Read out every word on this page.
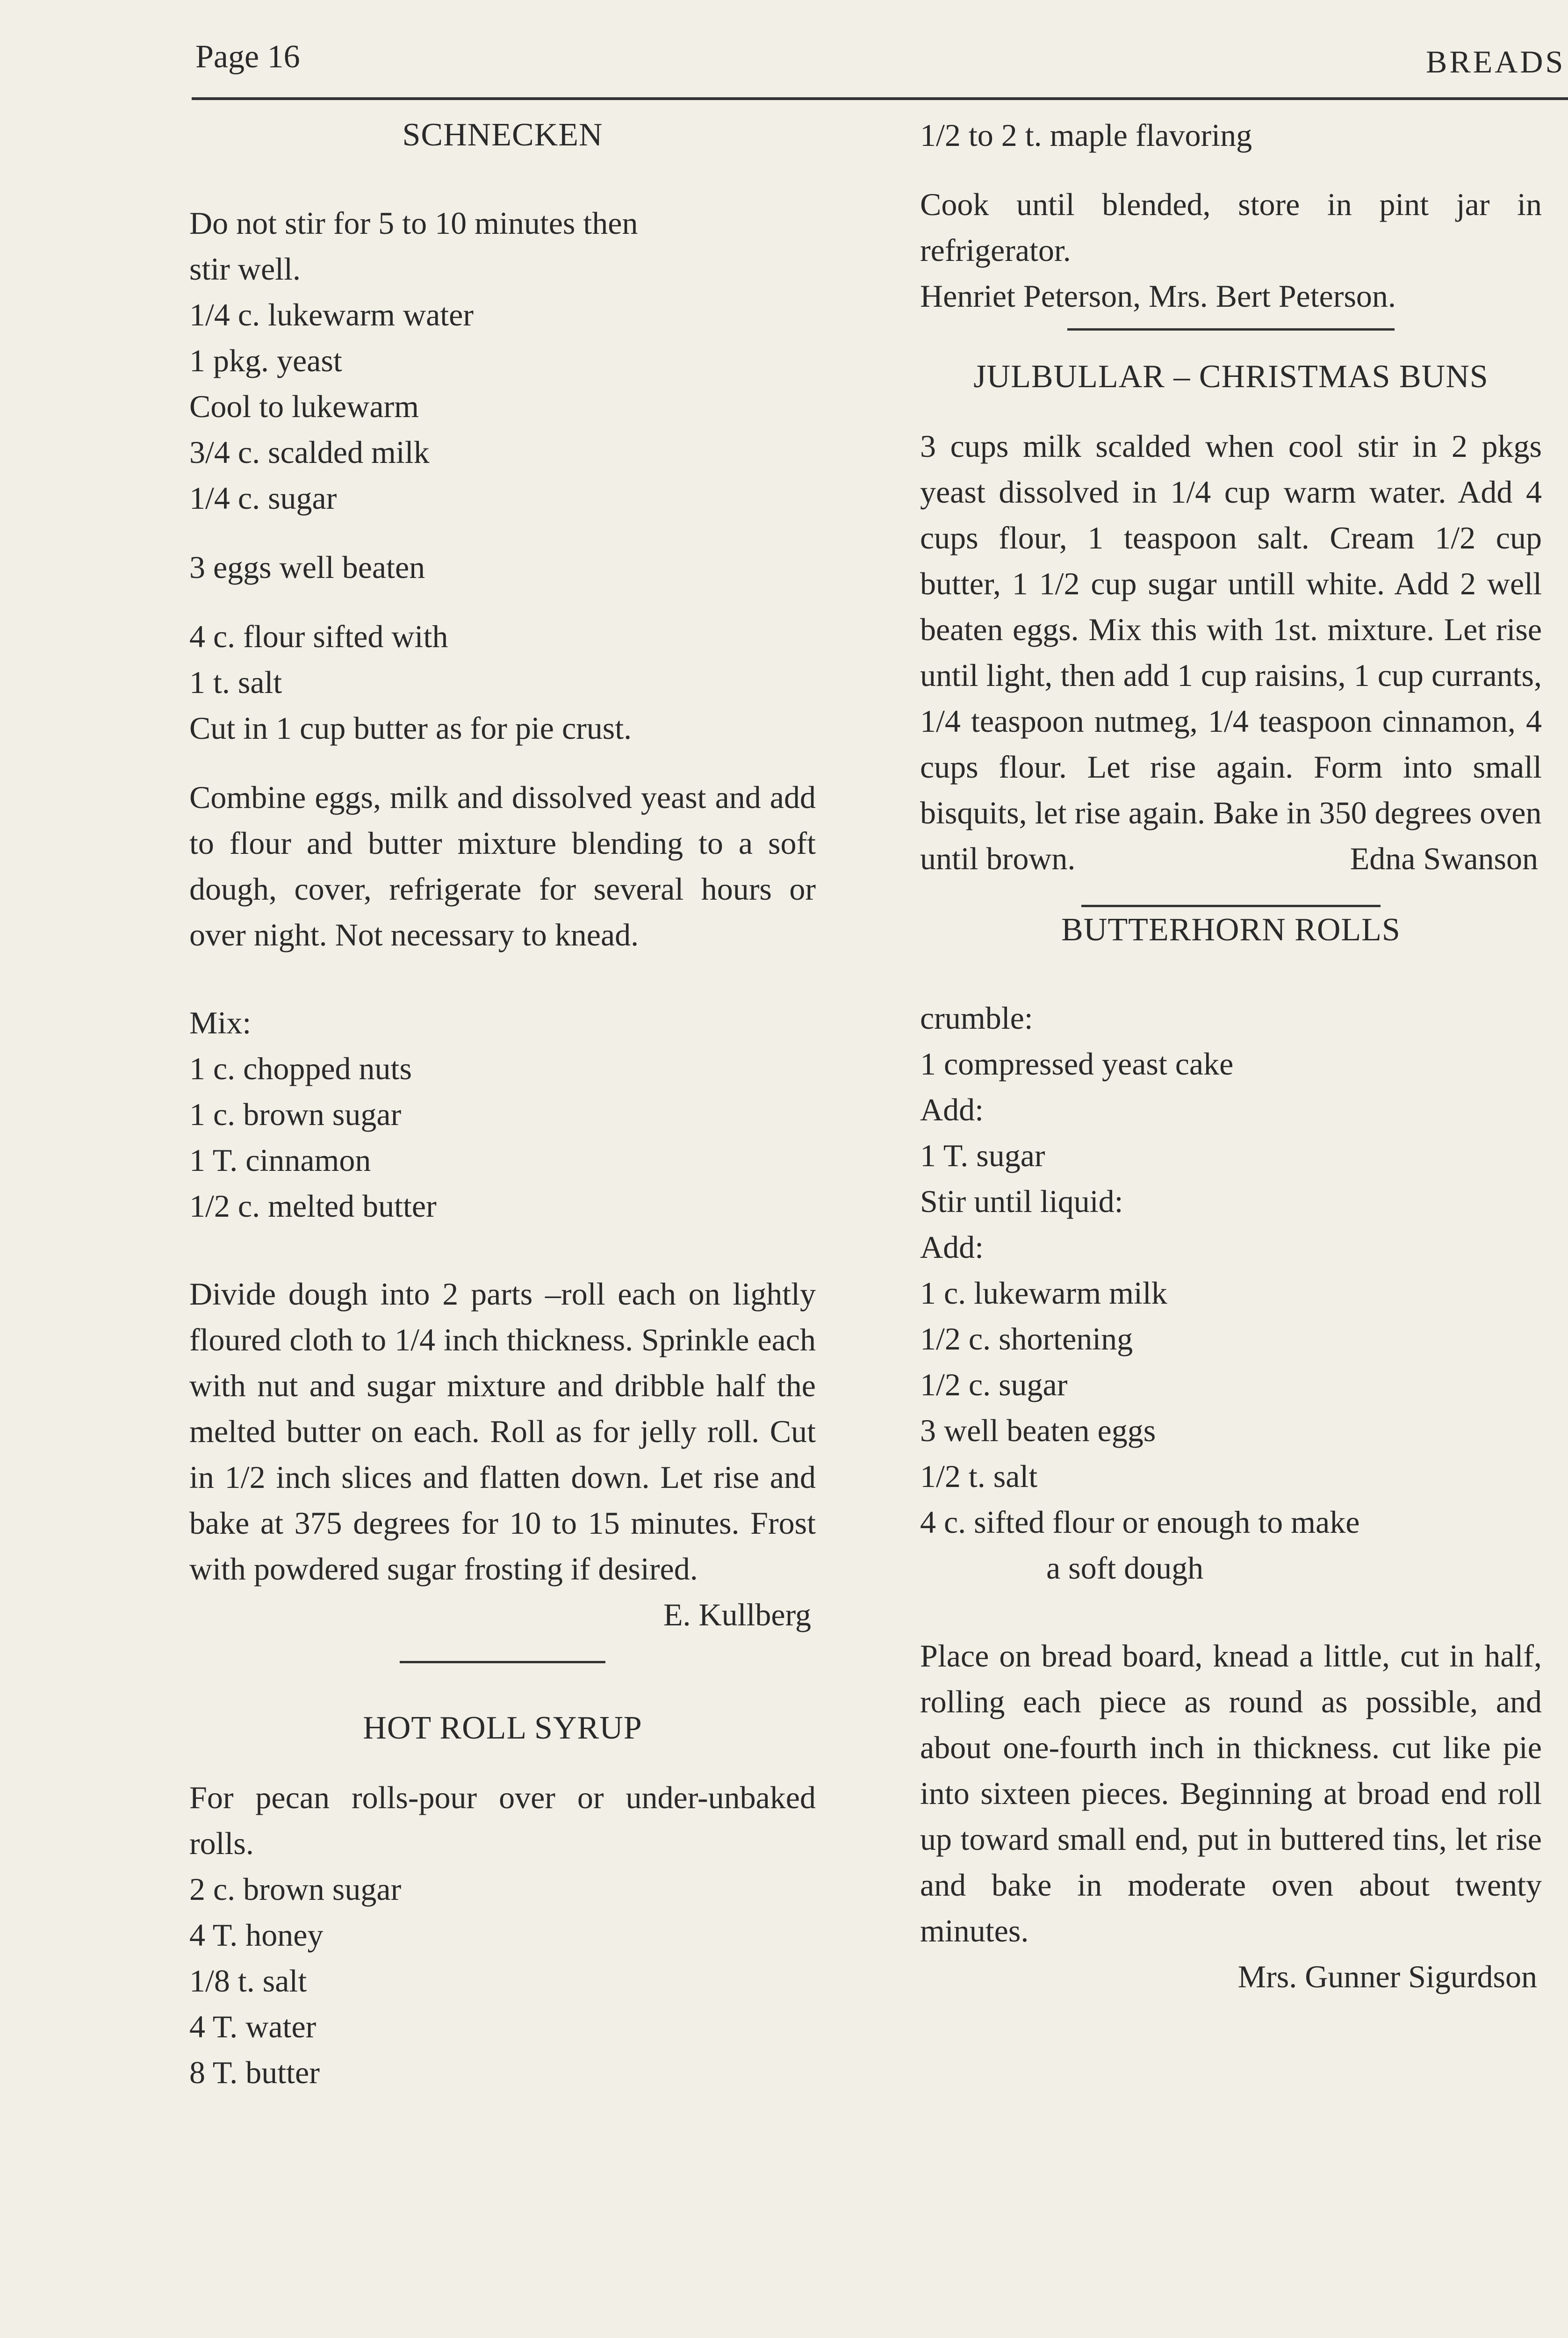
Page 16	BREADS
SCHNECKEN
Do not stir for 5 to 10 minutes then
stir well.
1/4 c. lukewarm water
1 pkg. yeast
Cool to lukewarm
3/4 c. scalded milk
1/4 c. sugar
3 eggs well beaten
4 c. flour sifted with
1 t. salt
Cut in 1 cup butter as for pie crust.
Combine eggs, milk and dissolved yeast and add to flour and butter mixture blending to a soft dough, cover, refrigerate for several hours or over night. Not necessary to knead.
Mix:
1 c. chopped nuts
1 c. brown sugar
1 T. cinnamon
1/2 c. melted butter
Divide dough into 2 parts –roll each on lightly floured cloth to 1/4 inch thickness. Sprinkle each with nut and sugar mixture and dribble half the melted butter on each. Roll as for jelly roll. Cut in 1/2 inch slices and flatten down. Let rise and bake at 375 degrees for 10 to 15 minutes. Frost with powdered sugar frosting if desired.
E. Kullberg
HOT ROLL SYRUP
For pecan rolls-pour over or under-unbaked rolls.
2 c. brown sugar
4 T. honey
1/8 t. salt
4 T. water
8 T. butter
1/2 to 2 t. maple flavoring
Cook until blended, store in pint jar in refrigerator.
Henriet Peterson, Mrs. Bert Peterson.
JULBULLAR – CHRISTMAS BUNS
3 cups milk scalded when cool stir in 2 pkgs yeast dissolved in 1/4 cup warm water. Add 4 cups flour, 1 teaspoon salt. Cream 1/2 cup butter, 1 1/2 cup sugar untill white. Add 2 well beaten eggs. Mix this with 1st. mixture. Let rise until light, then add 1 cup raisins, 1 cup currants, 1/4 teaspoon nutmeg, 1/4 teaspoon cinnamon, 4 cups flour. Let rise again. Form into small bisquits, let rise again. Bake in 350 degrees oven
until brown.	Edna Swanson
BUTTERHORN ROLLS
crumble:
1 compressed yeast cake
Add:
1 T. sugar
Stir until liquid:
Add:
1 c. lukewarm milk
1/2 c. shortening
1/2 c. sugar
3 well beaten eggs
1/2 t. salt
4 c. sifted flour or enough to make
a soft dough
Place on bread board, knead a little, cut in half, rolling each piece as round as possible, and about one-fourth inch in thickness. cut like pie into sixteen pieces. Beginning at broad end roll up toward small end, put in buttered tins, let rise and bake in moderate oven about twenty minutes.
Mrs. Gunner Sigurdson
